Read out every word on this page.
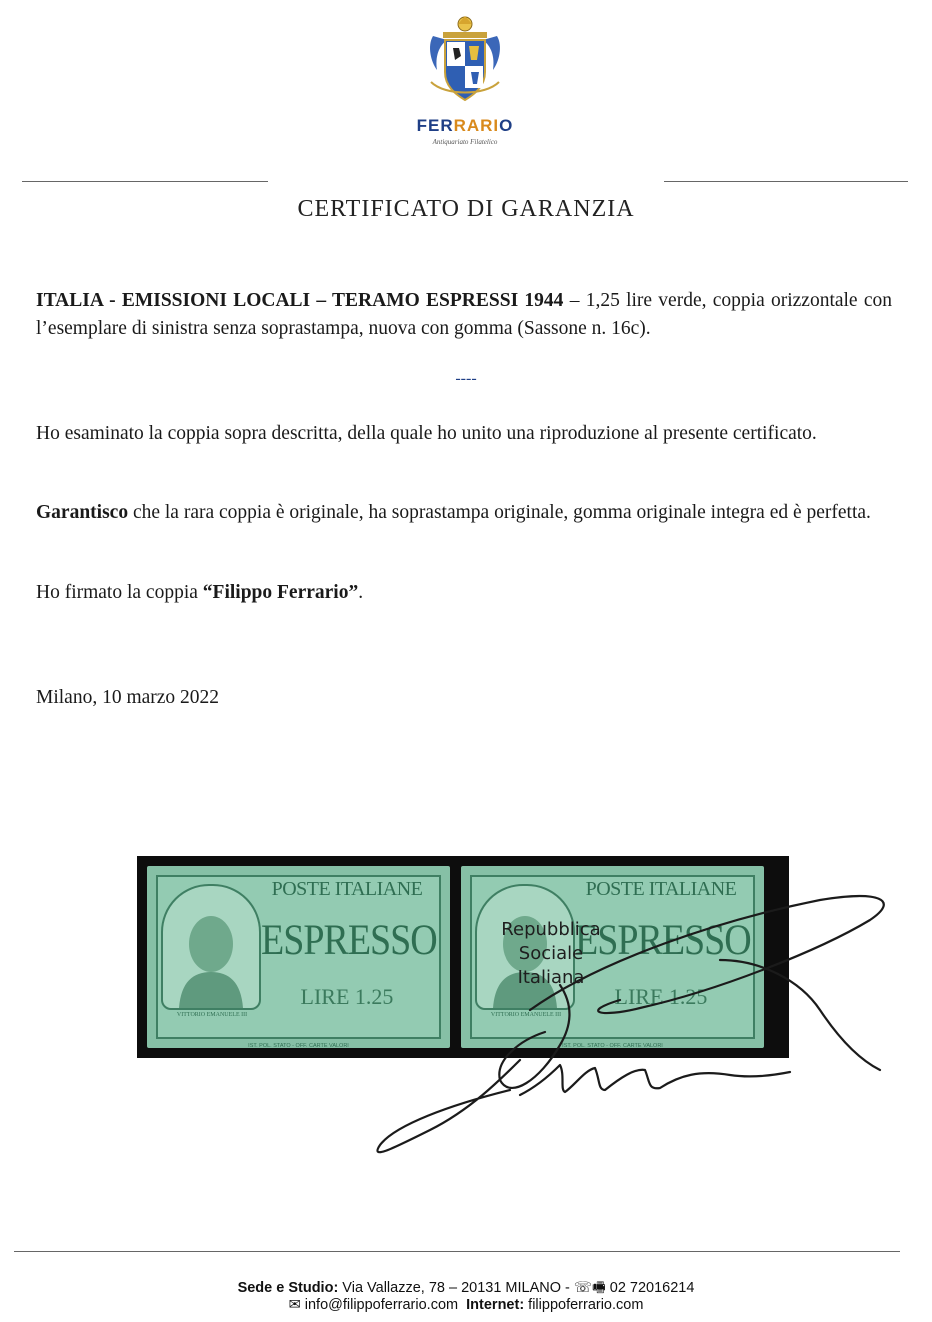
FERRARIO
Antiquariato Filatelico
CERTIFICATO DI GARANZIA
ITALIA - EMISSIONI LOCALI – TERAMO ESPRESSI 1944 – 1,25 lire verde, coppia orizzontale con l’esemplare di sinistra senza soprastampa, nuova con gomma (Sassone n. 16c).
----
Ho esaminato la coppia sopra descritta, della quale ho unito una riproduzione al presente certificato.
Garantisco che la rara coppia è originale, ha soprastampa originale, gomma originale integra ed è perfetta.
Ho firmato la coppia “Filippo Ferrario”.
Milano, 10 marzo 2022
VITTORIO EMANUELE III
POSTE ITALIANE
ESPRESSO
LIRE 1.25
IST. POL. STATO - OFF. CARTE VALORI
VITTORIO EMANUELE III
POSTE ITALIANE
ESPRESSO
LIRE 1.25
IST. POL. STATO - OFF. CARTE VALORI
Repubblica
Sociale
Italiana
Sede e Studio: Via Vallazze, 78 – 20131 MILANO - ☏🖷 02 72016214
✉ info@filippoferrario.com Internet: filippoferrario.com
